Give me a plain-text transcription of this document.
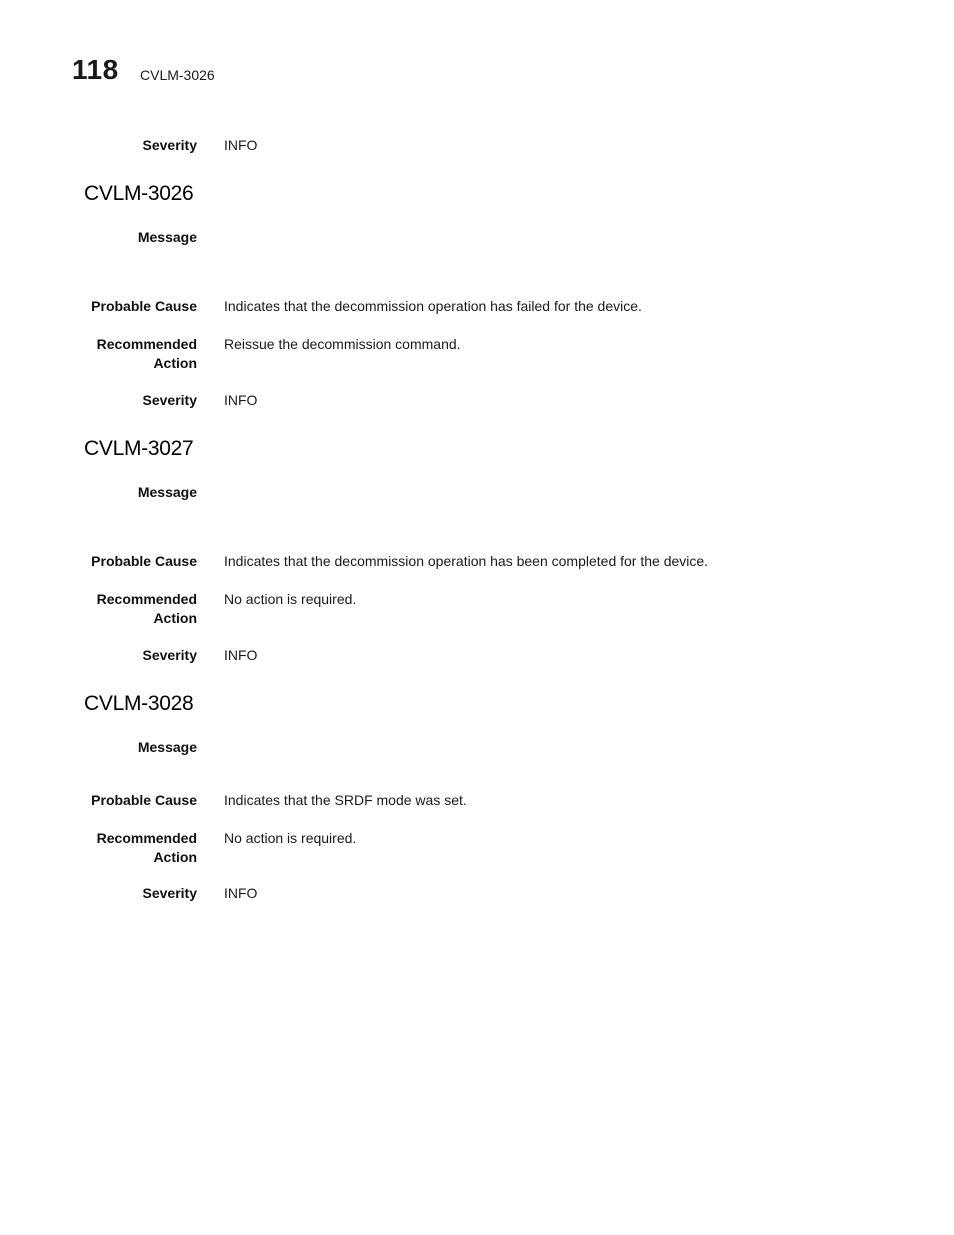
118 CVLM-3026
Severity INFO
CVLM-3026
Message
Probable Cause Indicates that the decommission operation has failed for the device.
Recommended
Action
Reissue the decommission command.
Severity INFO
CVLM-3027
Message
Probable Cause Indicates that the decommission operation has been completed for the device.
Recommended
Action
No action is required.
Severity INFO
CVLM-3028
Message
Probable Cause Indicates that the SRDF mode was set.
Recommended
Action
No action is required.
Severity INFO
